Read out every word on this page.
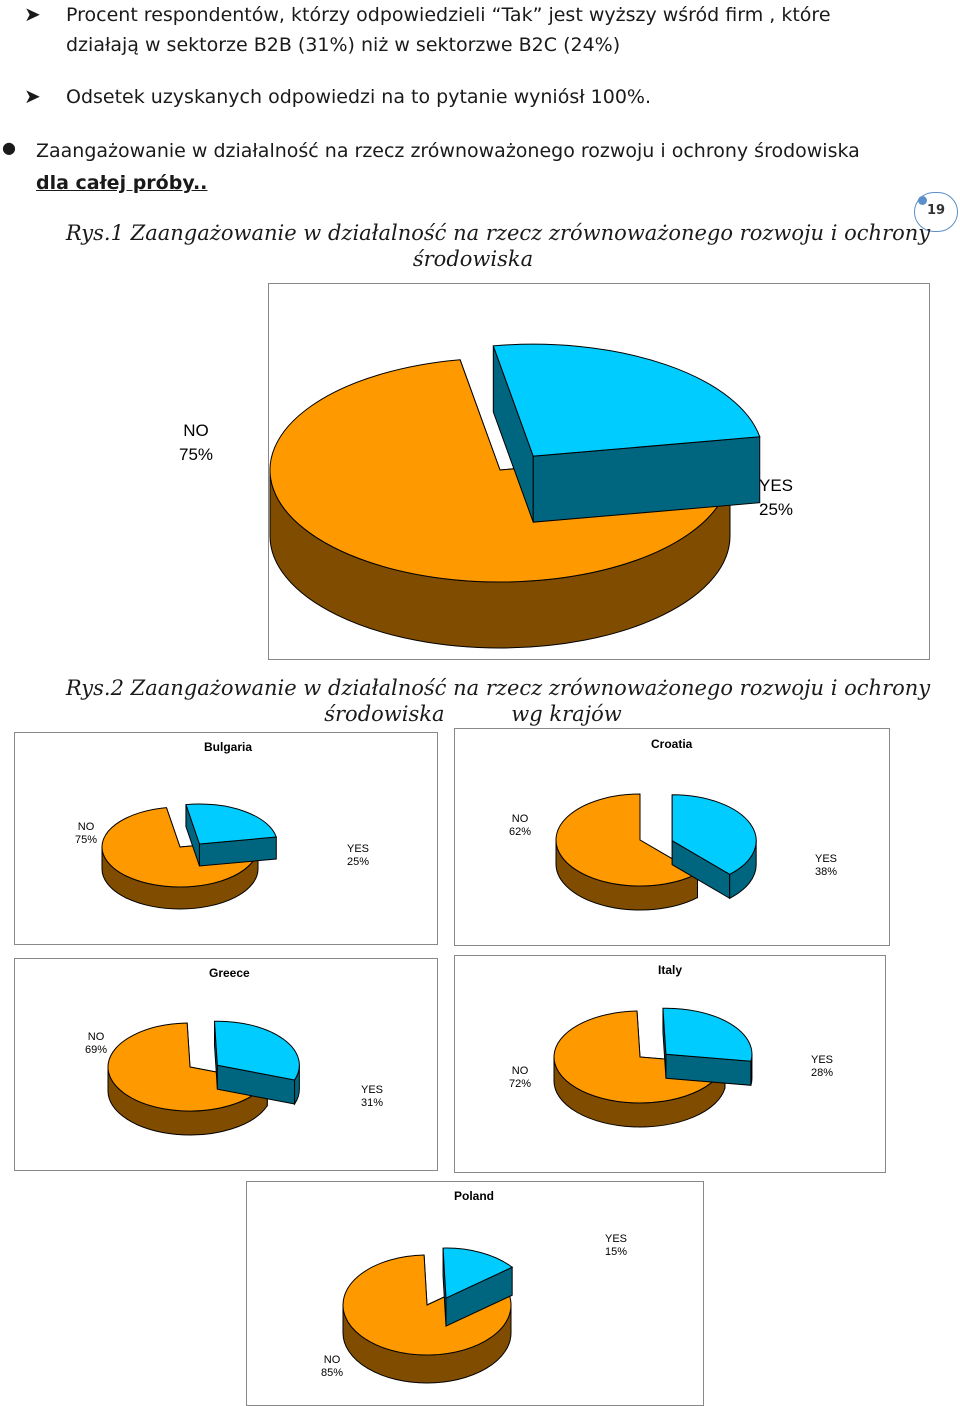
➤ Procent respondentów, którzy odpowiedzieli “Tak” jest wyższy wśród firm , które
działają w sektorze B2B (31%) niż w sektorzwe B2C (24%)
➤ Odsetek uzyskanych odpowiedzi na to pytanie wyniósł 100%.
● Zaangażowanie w działalność na rzecz zrównoważonego rozwoju i ochrony środowiska
dla całej próby..
19
Rys.1 Zaangażowanie w działalność na rzecz zrównoważonego rozwoju i ochrony
środowiska
Rys.2 Zaangażowanie w działalność na rzecz zrównoważonego rozwoju i ochrony
środowiska          wg krajów
Bulgaria	Croatia
Greece	Italy
Poland
NO
75%
YES
25%
NO
75%
YES
25%
NO
62%
YES
38%
NO
69%
YES
31%
NO
72%
YES
28%
NO
85%
YES
15%
